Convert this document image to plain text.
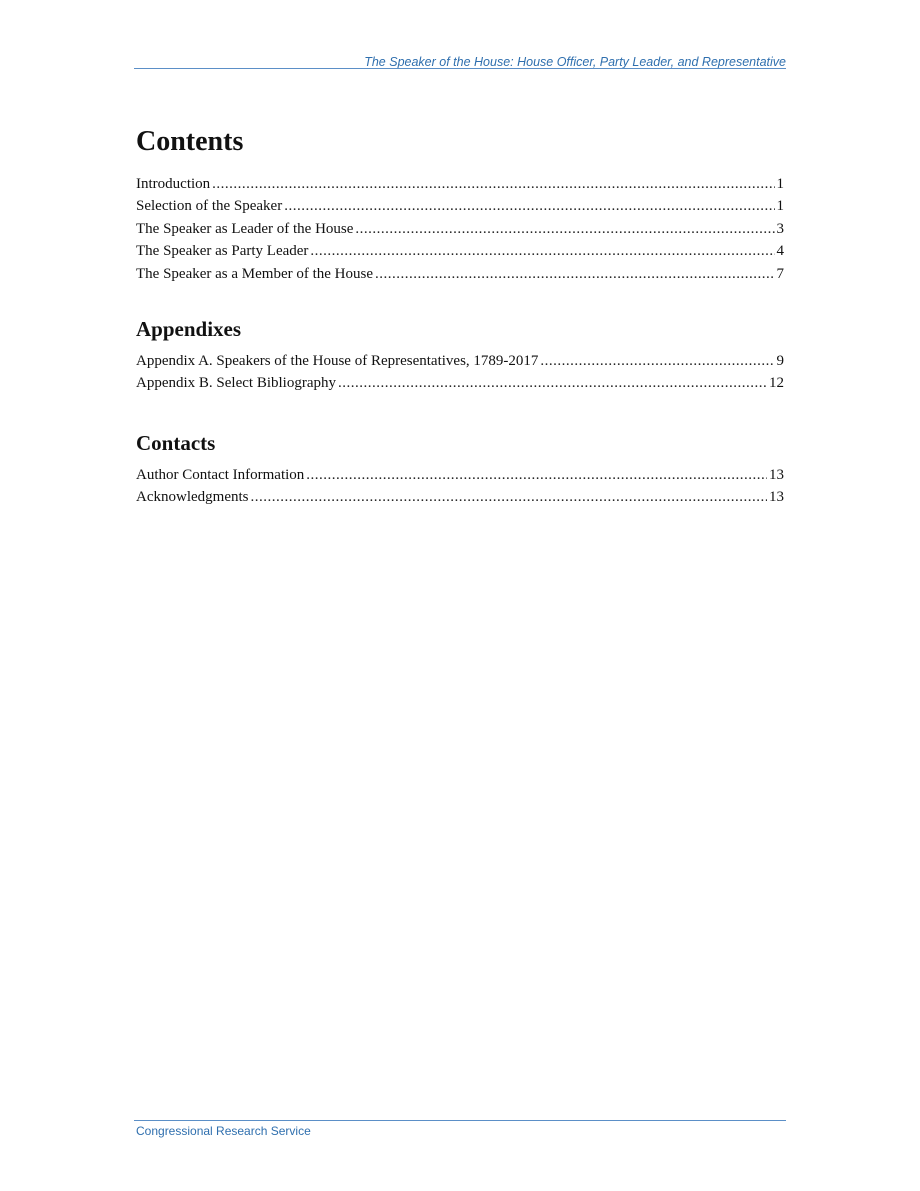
The Speaker of the House: House Officer, Party Leader, and Representative
Contents
Introduction .....	1
Selection of the Speaker .....	1
The Speaker as Leader of the House .....	3
The Speaker as Party Leader .....	4
The Speaker as a Member of the House .....	7
Appendixes
Appendix A. Speakers of the House of Representatives, 1789-2017 .....	9
Appendix B. Select Bibliography .....	12
Contacts
Author Contact Information .....	13
Acknowledgments .....	13
Congressional Research Service
